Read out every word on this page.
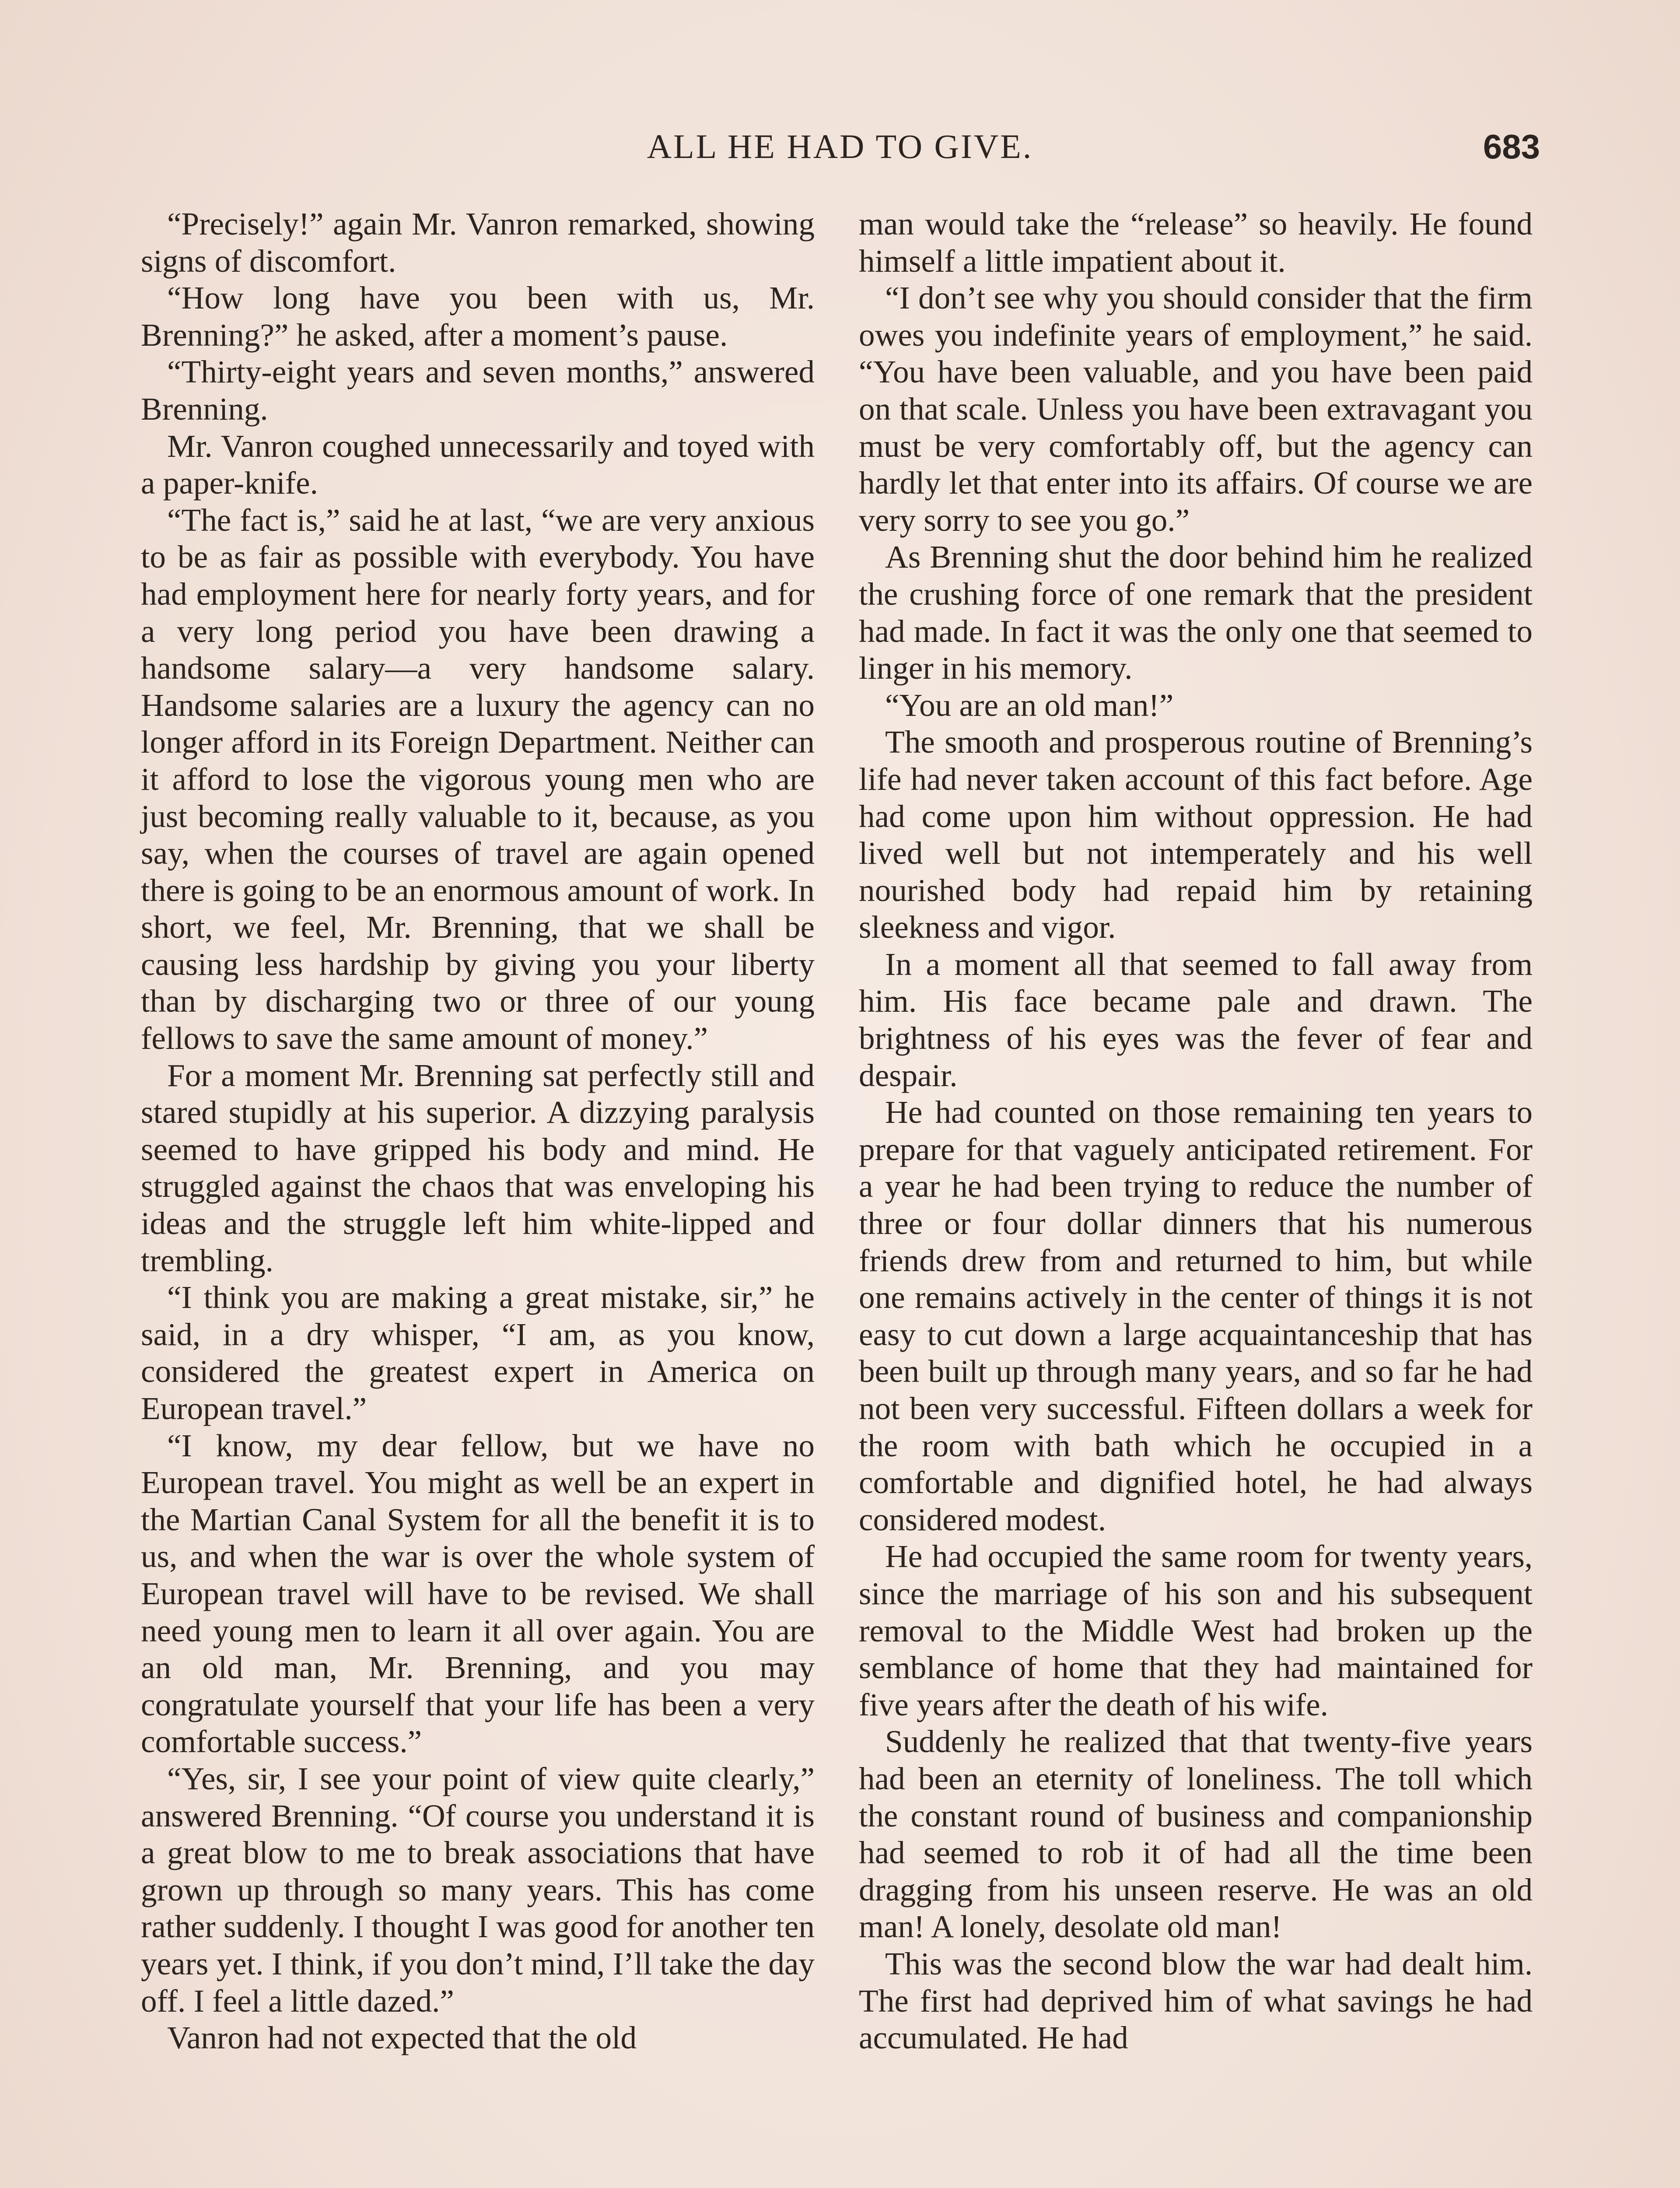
ALL HE HAD TO GIVE.	683

“Precisely!” again Mr. Vanron remarked, showing signs of discomfort.

“How long have you been with us, Mr. Brenning?” he asked, after a moment’s pause.

“Thirty-eight years and seven months,” answered Brenning.

Mr. Vanron coughed unnecessarily and toyed with a paper-knife.

“The fact is,” said he at last, “we are very anxious to be as fair as possible with everybody. You have had employment here for nearly forty years, and for a very long period you have been drawing a handsome salary—a very handsome salary. Handsome salaries are a luxury the agency can no longer afford in its Foreign Department. Neither can it afford to lose the vigorous young men who are just becoming really valuable to it, because, as you say, when the courses of travel are again opened there is going to be an enormous amount of work. In short, we feel, Mr. Brenning, that we shall be causing less hardship by giving you your liberty than by discharging two or three of our young fellows to save the same amount of money.”

For a moment Mr. Brenning sat perfectly still and stared stupidly at his superior. A dizzying paralysis seemed to have gripped his body and mind. He struggled against the chaos that was enveloping his ideas and the struggle left him white-lipped and trembling.

“I think you are making a great mistake, sir,” he said, in a dry whisper, “I am, as you know, considered the greatest expert in America on European travel.”

“I know, my dear fellow, but we have no European travel. You might as well be an expert in the Martian Canal System for all the benefit it is to us, and when the war is over the whole system of European travel will have to be revised. We shall need young men to learn it all over again. You are an old man, Mr. Brenning, and you may congratulate yourself that your life has been a very comfortable success.”

“Yes, sir, I see your point of view quite clearly,” answered Brenning. “Of course you understand it is a great blow to me to break associations that have grown up through so many years. This has come rather suddenly. I thought I was good for another ten years yet. I think, if you don’t mind, I’ll take the day off. I feel a little dazed.”

Vanron had not expected that the old

man would take the “release” so heavily. He found himself a little impatient about it.

“I don’t see why you should consider that the firm owes you indefinite years of employment,” he said. “You have been valuable, and you have been paid on that scale. Unless you have been extravagant you must be very comfortably off, but the agency can hardly let that enter into its affairs. Of course we are very sorry to see you go.”

As Brenning shut the door behind him he realized the crushing force of one remark that the president had made. In fact it was the only one that seemed to linger in his memory.

“You are an old man!”

The smooth and prosperous routine of Brenning’s life had never taken account of this fact before. Age had come upon him without oppression. He had lived well but not intemperately and his well nourished body had repaid him by retaining sleekness and vigor.

In a moment all that seemed to fall away from him. His face became pale and drawn. The brightness of his eyes was the fever of fear and despair.

He had counted on those remaining ten years to prepare for that vaguely anticipated retirement. For a year he had been trying to reduce the number of three or four dollar dinners that his numerous friends drew from and returned to him, but while one remains actively in the center of things it is not easy to cut down a large acquaintanceship that has been built up through many years, and so far he had not been very successful. Fifteen dollars a week for the room with bath which he occupied in a comfortable and dignified hotel, he had always considered modest.

He had occupied the same room for twenty years, since the marriage of his son and his subsequent removal to the Middle West had broken up the semblance of home that they had maintained for five years after the death of his wife.

Suddenly he realized that that twenty-five years had been an eternity of loneliness. The toll which the constant round of business and companionship had seemed to rob it of had all the time been dragging from his unseen reserve. He was an old man! A lonely, desolate old man!

This was the second blow the war had dealt him. The first had deprived him of what savings he had accumulated. He had
